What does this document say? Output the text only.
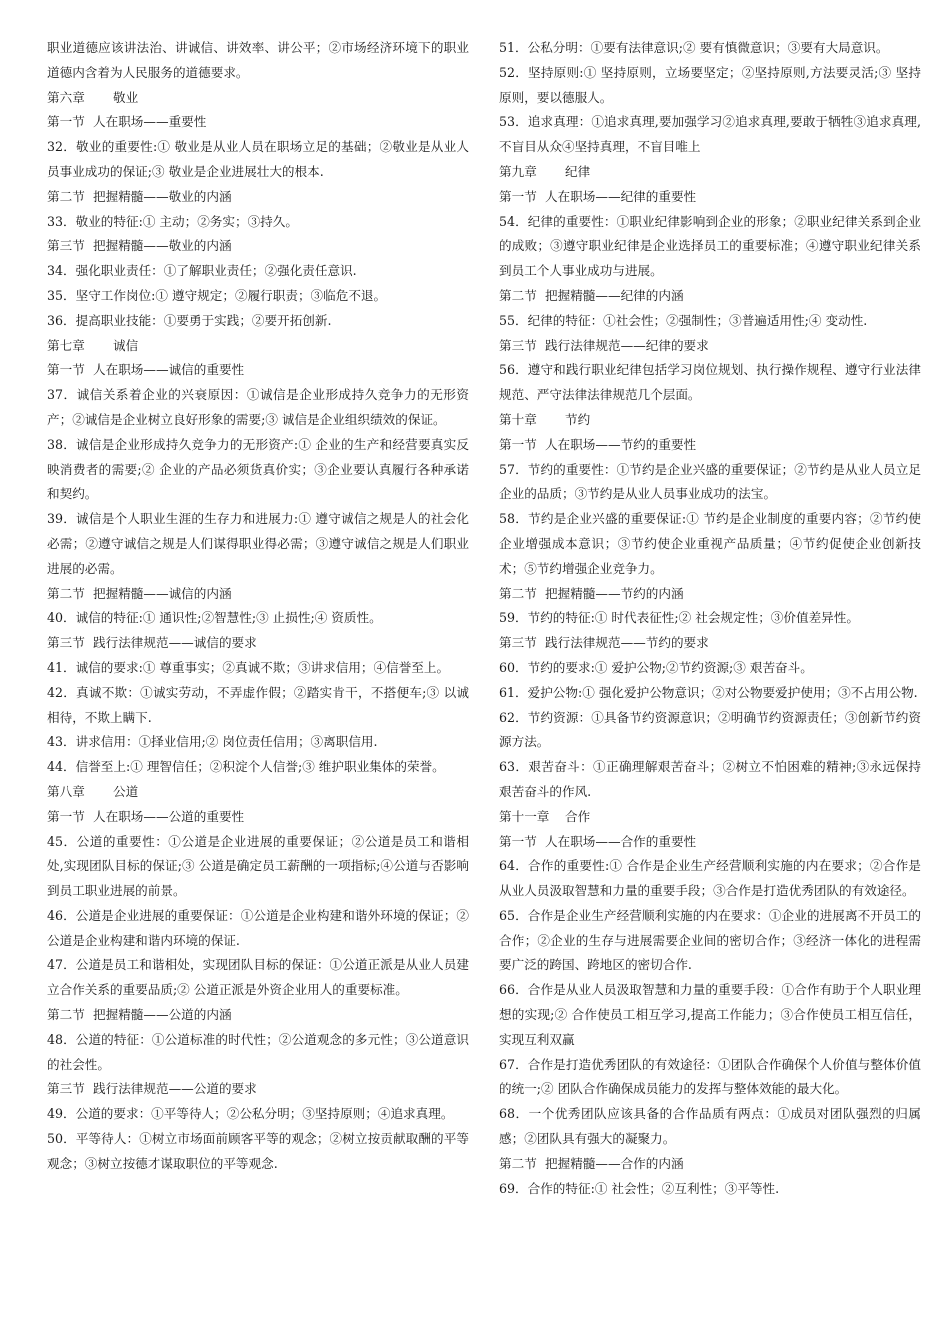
职业道德应该讲法治、讲诚信、讲效率、讲公平；②市场经济环境下的职业道德内含着为人民服务的道德要求。

第六章 敬业

第一节 人在职场——重要性

32．敬业的重要性:① 敬业是从业人员在职场立足的基础；②敬业是从业人员事业成功的保证;③ 敬业是企业进展壮大的根本.

第二节 把握精髓——敬业的内涵

33．敬业的特征:① 主动；②务实；③持久。

第三节 把握精髓——敬业的内涵

34．强化职业责任：①了解职业责任；②强化责任意识.

35．坚守工作岗位:① 遵守规定；②履行职责；③临危不退。

36．提高职业技能：①要勇于实践；②要开拓创新.

第七章 诚信

第一节 人在职场——诚信的重要性

37．诚信关系着企业的兴衰原因：①诚信是企业形成持久竞争力的无形资产；②诚信是企业树立良好形象的需要;③ 诚信是企业组织绩效的保证。

38．诚信是企业形成持久竞争力的无形资产:① 企业的生产和经营要真实反映消费者的需要;② 企业的产品必须货真价实；③企业要认真履行各种承诺和契约。

39．诚信是个人职业生涯的生存力和进展力:① 遵守诚信之规是人的社会化必需；②遵守诚信之规是人们谋得职业得必需；③遵守诚信之规是人们职业进展的必需。

第二节 把握精髓——诚信的内涵

40．诚信的特征:① 通识性;②智慧性;③ 止损性;④ 资质性。

第三节 践行法律规范——诚信的要求

41．诚信的要求:① 尊重事实；②真诚不欺；③讲求信用；④信誉至上。

42．真诚不欺：①诚实劳动，不弄虚作假；②踏实肯干，不搭便车;③ 以诚相待，不欺上瞒下.

43．讲求信用：①择业信用;② 岗位责任信用；③离职信用.

44．信誉至上:① 理智信任；②积淀个人信誉;③ 维护职业集体的荣誉。

第八章 公道

第一节 人在职场——公道的重要性

45．公道的重要性：①公道是企业进展的重要保证；②公道是员工和谐相处,实现团队目标的保证;③ 公道是确定员工薪酬的一项指标;④公道与否影响到员工职业进展的前景。

46．公道是企业进展的重要保证：①公道是企业构建和谐外环境的保证；②公道是企业构建和谐内环境的保证.

47．公道是员工和谐相处，实现团队目标的保证：①公道正派是从业人员建立合作关系的重要品质;② 公道正派是外资企业用人的重要标准。

第二节 把握精髓——公道的内涵

48．公道的特征：①公道标准的时代性；②公道观念的多元性；③公道意识的社会性。

第三节 践行法律规范——公道的要求

49．公道的要求：①平等待人；②公私分明；③坚持原则；④追求真理。

50．平等待人：①树立市场面前顾客平等的观念；②树立按贡献取酬的平等观念；③树立按德才谋取职位的平等观念.

51．公私分明：①要有法律意识;② 要有慎微意识；③要有大局意识。

52．坚持原则:① 坚持原则，立场要坚定；②坚持原则,方法要灵活;③ 坚持原则，要以德服人。

53．追求真理：①追求真理,要加强学习②追求真理,要敢于牺牲③追求真理,不盲目从众④坚持真理，不盲目唯上

第九章 纪律

第一节 人在职场——纪律的重要性

54．纪律的重要性：①职业纪律影响到企业的形象；②职业纪律关系到企业的成败；③遵守职业纪律是企业选择员工的重要标准；④遵守职业纪律关系到员工个人事业成功与进展。

第二节 把握精髓——纪律的内涵

55．纪律的特征：①社会性；②强制性；③普遍适用性;④ 变动性.

第三节 践行法律规范——纪律的要求

56．遵守和践行职业纪律包括学习岗位规划、执行操作规程、遵守行业法律规范、严守法律法律规范几个层面。

第十章 节约

第一节 人在职场——节约的重要性

57．节约的重要性：①节约是企业兴盛的重要保证；②节约是从业人员立足企业的品质；③节约是从业人员事业成功的法宝。

58．节约是企业兴盛的重要保证:① 节约是企业制度的重要内容；②节约使企业增强成本意识；③节约使企业重视产品质量；④节约促使企业创新技术；⑤节约增强企业竞争力。

第二节 把握精髓——节约的内涵

59．节约的特征:① 时代表征性;② 社会规定性；③价值差异性。

第三节 践行法律规范——节约的要求

60．节约的要求:① 爱护公物;②节约资源;③ 艰苦奋斗。

61．爱护公物:① 强化爱护公物意识；②对公物要爱护使用；③不占用公物.

62．节约资源：①具备节约资源意识；②明确节约资源责任；③创新节约资源方法。

63．艰苦奋斗：①正确理解艰苦奋斗；②树立不怕困难的精神;③永远保持艰苦奋斗的作风.

第十一章 合作

第一节 人在职场——合作的重要性

64．合作的重要性:① 合作是企业生产经营顺利实施的内在要求；②合作是从业人员汲取智慧和力量的重要手段；③合作是打造优秀团队的有效途径。

65．合作是企业生产经营顺利实施的内在要求：①企业的进展离不开员工的合作；②企业的生存与进展需要企业间的密切合作；③经济一体化的进程需要广泛的跨国、跨地区的密切合作.

66．合作是从业人员汲取智慧和力量的重要手段：①合作有助于个人职业理想的实现;② 合作使员工相互学习,提高工作能力；③合作使员工相互信任，实现互利双赢

67．合作是打造优秀团队的有效途径：①团队合作确保个人价值与整体价值的统一;② 团队合作确保成员能力的发挥与整体效能的最大化。

68．一个优秀团队应该具备的合作品质有两点：①成员对团队强烈的归属感；②团队具有强大的凝聚力。

第二节 把握精髓——合作的内涵

69．合作的特征:① 社会性；②互利性；③平等性.
